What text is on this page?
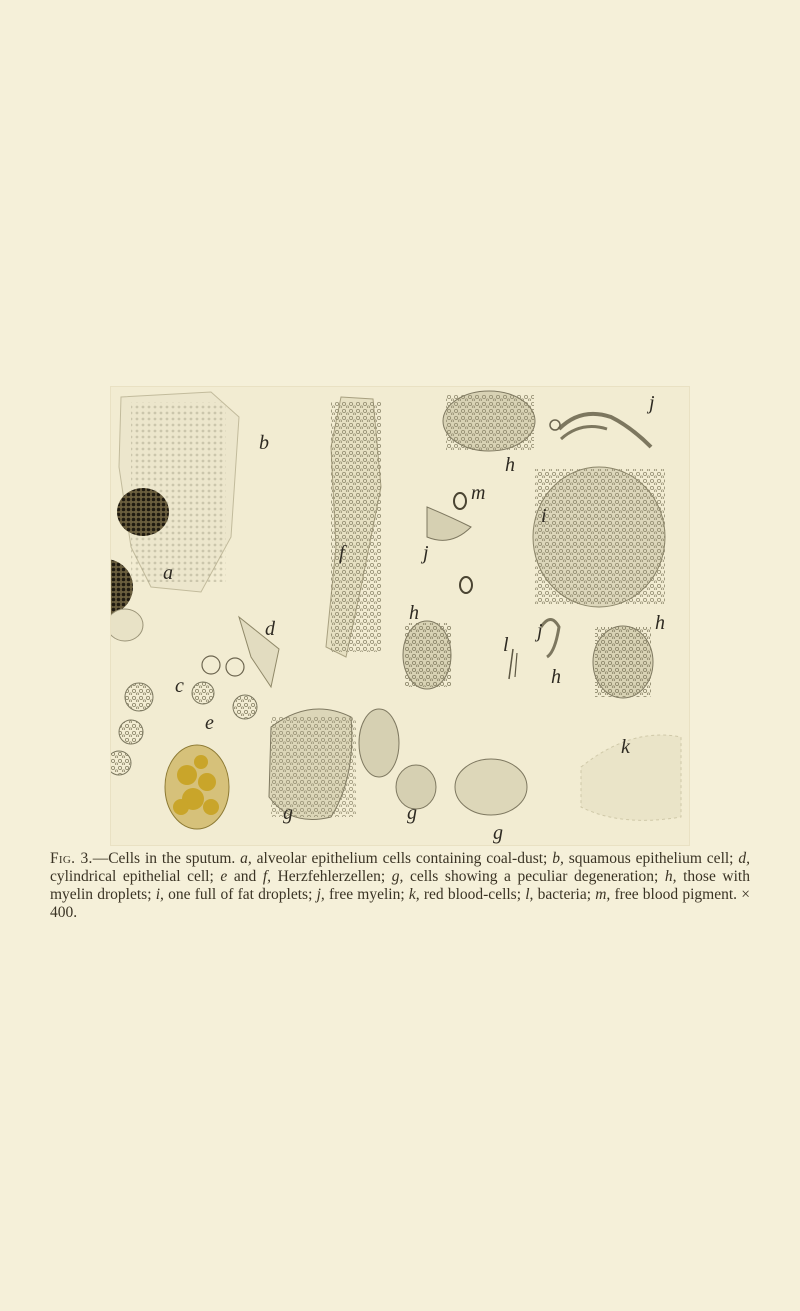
b
a
c
d
e
f
g	g
g
h
h
h
h
i
j
j
j
k
l
m
Fig. 3.—Cells in the sputum. a, alveolar epithelium cells containing coal-dust; b, squamous epithelium cell; d, cylindrical epithelial cell; e and f, Herzfehlerzellen; g, cells showing a peculiar degeneration; h, those with myelin droplets; i, one full of fat droplets; j, free myelin; k, red blood-cells; l, bacteria; m, free blood pigment. × 400.
